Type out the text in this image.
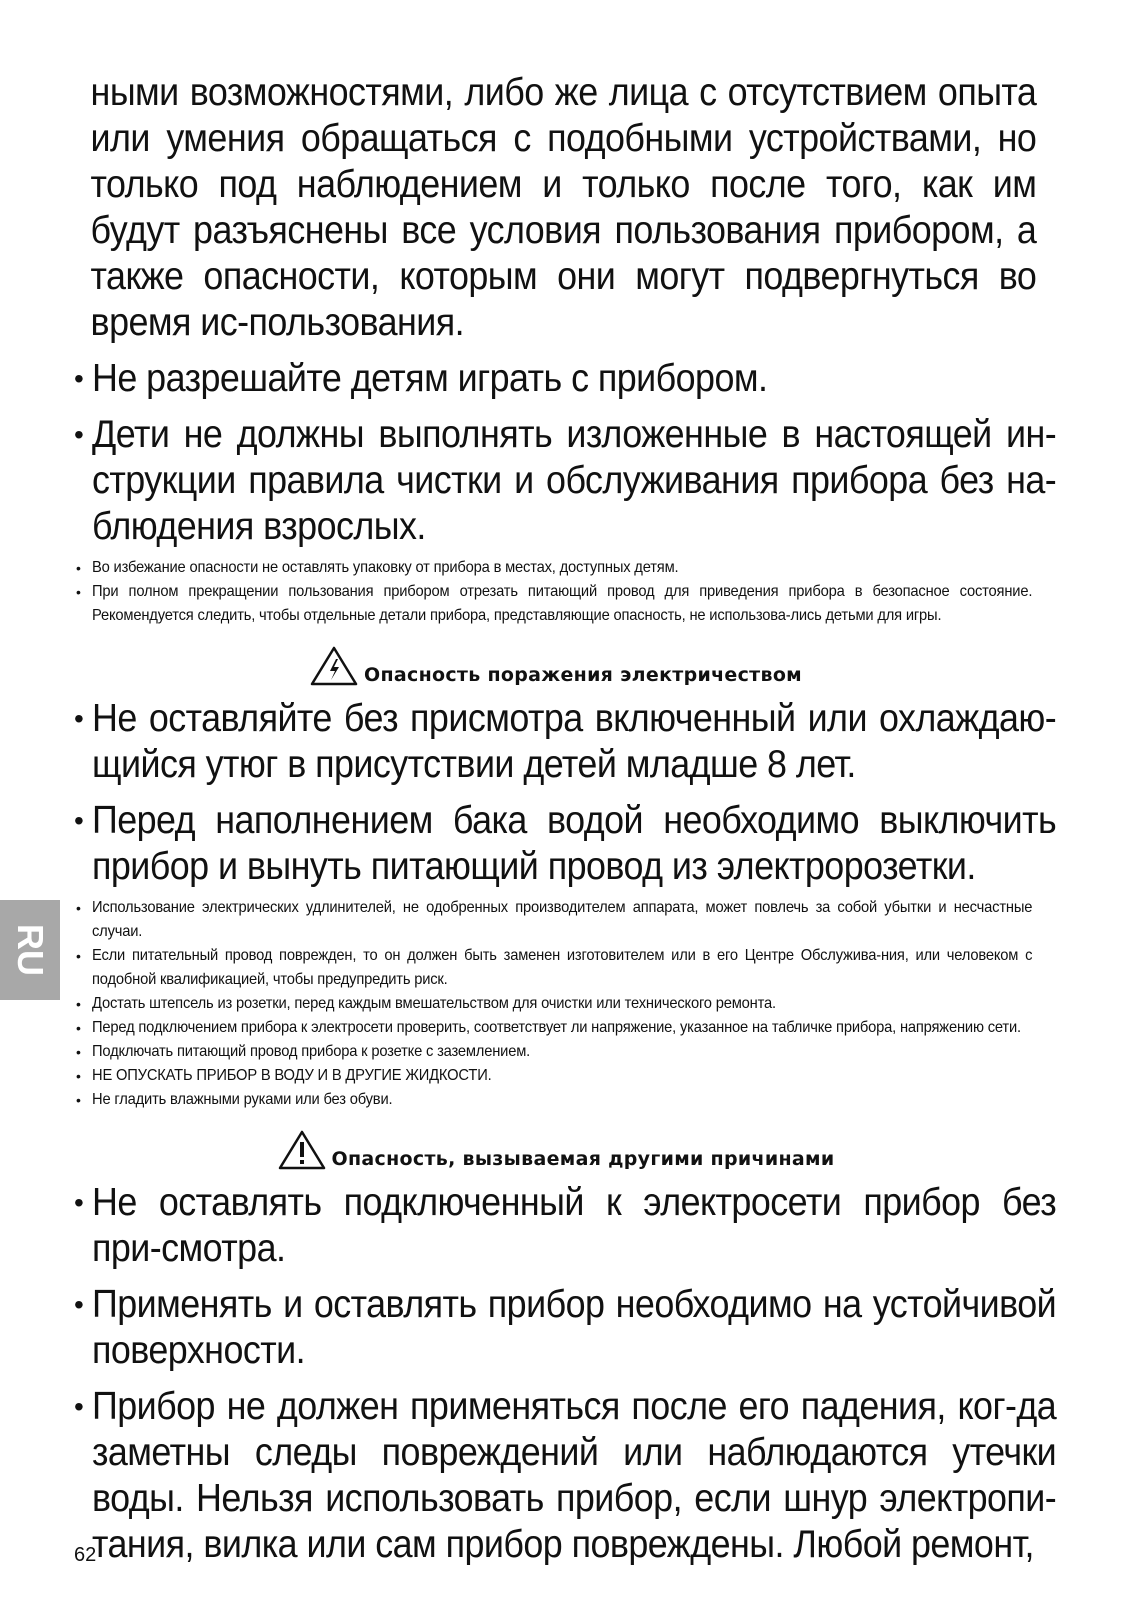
ными возможностями, либо же лица с отсутствием опыта или умения обращаться с подобными устройствами, но только под наблюдением и только после того, как им будут разъяснены все условия пользования прибором, а также опасности, которым они могут подвергнуться во время ис-пользования.
• Не разрешайте детям играть с прибором.
• Дети не должны выполнять изложенные в настоящей ин-струкции правила чистки и обслуживания прибора без на-блюдения взрослых.
• Во избежание опасности не оставлять упаковку от прибора в местах, доступных детям.
• При полном прекращении пользования прибором отрезать питающий провод для приведения прибора в безопасное состояние. Рекомендуется следить, чтобы отдельные детали прибора, представляющие опасность, не использова-лись детьми для игры.
Опасность поражения электричеством
• Не оставляйте без присмотра включенный или охлаждаю-щийся утюг в присутствии детей младше 8 лет.
• Перед наполнением бака водой необходимо выключить прибор и вынуть питающий провод из электророзетки.
• Использование электрических удлинителей, не одобренных производителем аппарата, может повлечь за собой убытки и несчастные случаи.
• Если питательный провод поврежден, то он должен быть заменен изготовителем или в его Центре Обслужива-ния, или человеком с подобной квалификацией, чтобы предупредить риск.
• Достать штепсель из розетки, перед каждым вмешательством для очистки или технического ремонта.
• Перед подключением прибора к электросети проверить, соответствует ли напряжение, указанное на табличке прибора, напряжению сети.
• Подключать питающий провод прибора к розетке с заземлением.
• НЕ ОПУСКАТЬ ПРИБОР В ВОДУ И В ДРУГИЕ ЖИДКОСТИ.
• Не гладить влажными руками или без обуви.
Опасность, вызываемая другими причинами
• Не оставлять подключенный к электросети прибор без при-смотра.
• Применять и оставлять прибор необходимо на устойчивой поверхности.
• Прибор не должен применяться после его падения, ког-да заметны следы повреждений или наблюдаются утечки воды. Нельзя использовать прибор, если шнур электропи-тания, вилка или сам прибор повреждены. Любой ремонт,
RU
62
